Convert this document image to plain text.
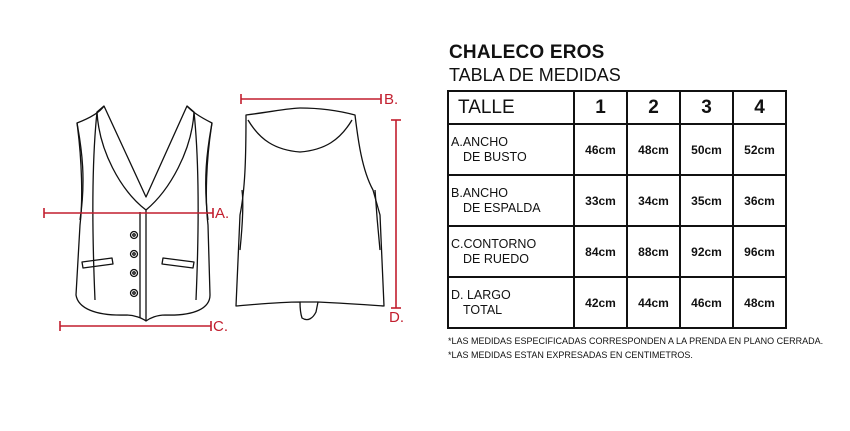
A.
B.
C.
D.
CHALECO EROS
TABLA DE MEDIDAS
TALLE	1	2	3	4

A.ANCHO
DE BUSTO	46cm	48cm	50cm	52cm

B.ANCHO
DE ESPALDA	33cm	34cm	35cm	36cm

C.CONTORNO
DE RUEDO	84cm	88cm	92cm	96cm

D. LARGO
TOTAL	42cm	44cm	46cm	48cm
*LAS MEDIDAS ESPECIFICADAS CORRESPONDEN A LA PRENDA EN PLANO CERRADA.
*LAS MEDIDAS ESTAN EXPRESADAS EN CENTIMETROS.
